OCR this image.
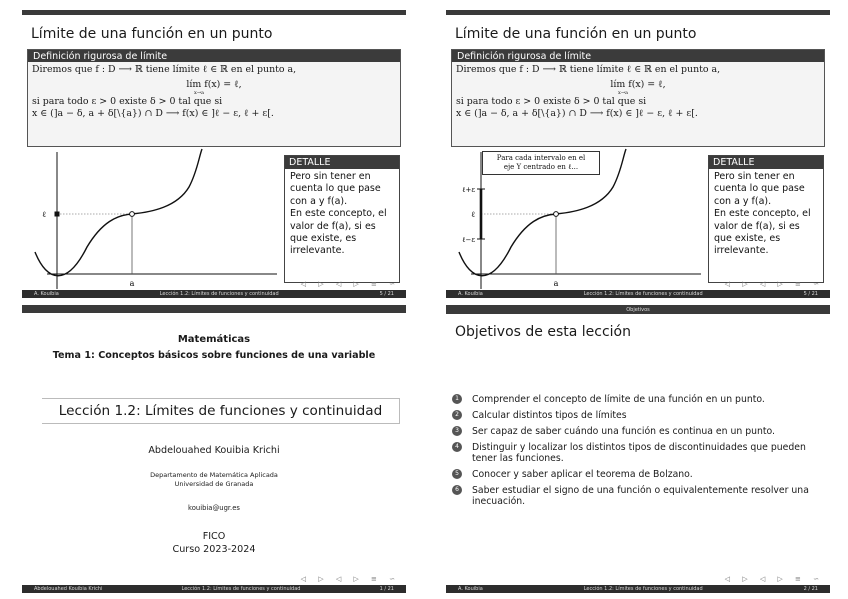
Límite de una función en un punto
Definición rigurosa de límite
Diremos que f : D ⟶ ℝ tiene límite ℓ ∈ ℝ en el punto a,
lím f(x) = ℓ,
x→a
si para todo ε > 0 existe δ > 0 tal que si
x ∈ (]a − δ, a + δ[\{a}) ∩ D ⟶ f(x) ∈ ]ℓ − ε, ℓ + ε[.
ℓ
a
DETALLE
Pero sin tener en
cuenta lo que pase
con a y f(a).
En este concepto, el
valor de f(a), si es
que existe, es
irrelevante.
◁ ▷ ◁ ▷ ≡ ∽
A. Kouibia	Lección 1.2: Límites de funciones y continuidad	5 / 21
Límite de una función en un punto
Definición rigurosa de límite
Diremos que f : D ⟶ ℝ tiene límite ℓ ∈ ℝ en el punto a,
lím f(x) = ℓ,
x→a
si para todo ε > 0 existe δ > 0 tal que si
x ∈ (]a − δ, a + δ[\{a}) ∩ D ⟶ f(x) ∈ ]ℓ − ε, ℓ + ε[.
ℓ+ε
ℓ
ℓ−ε
a
Para cada intervalo en el
eje Y centrado en ℓ...	DETALLE
Pero sin tener en
cuenta lo que pase
con a y f(a).
En este concepto, el
valor de f(a), si es
que existe, es
irrelevante.
◁ ▷ ◁ ▷ ≡ ∽
A. Kouibia	Lección 1.2: Límites de funciones y continuidad	5 / 21
Matemáticas
Tema 1: Conceptos básicos sobre funciones de una variable
Lección 1.2: Límites de funciones y continuidad
Abdelouahed Kouibia Krichi
Departamento de Matemática Aplicada
Universidad de Granada
kouibia@ugr.es
FICO
Curso 2023-2024
◁ ▷ ◁ ▷ ≡ ∽
Abdelouahed Kouibia Krichi	Lección 1.2: Límites de funciones y continuidad	1 / 21
Objetivos
Objetivos de esta lección
1	Comprender el concepto de límite de una función en un punto.
2	Calcular distintos tipos de límites
3	Ser capaz de saber cuándo una función es continua en un punto.
4	Distinguir y localizar los distintos tipos de discontinuidades que pueden tener las funciones.
5	Conocer y saber aplicar el teorema de Bolzano.
6	Saber estudiar el signo de una función o equivalentemente resolver una inecuación.
◁ ▷ ◁ ▷ ≡ ∽
A. Kouibia	Lección 1.2: Límites de funciones y continuidad	2 / 21
